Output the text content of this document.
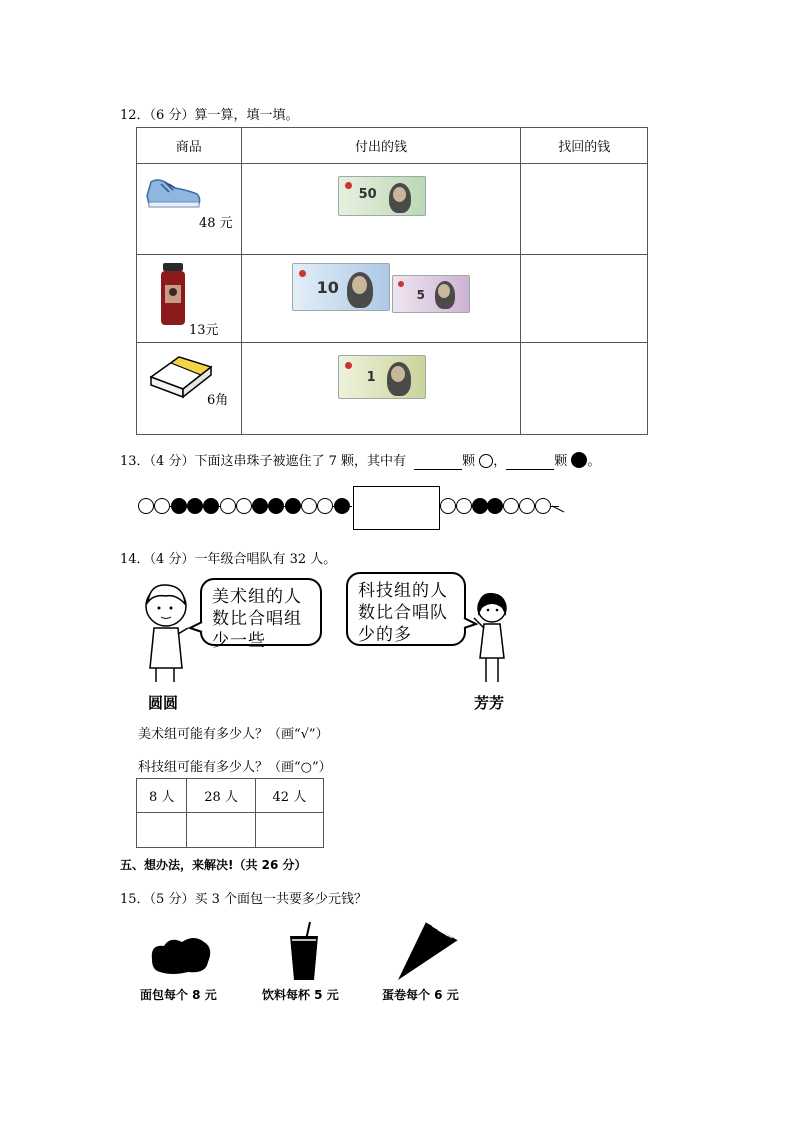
12．（6 分）算一算，填一填。
商品	付出的钱	找回的钱

48 元	50	

13元	10 5	

6角	1	

13．（4 分）下面这串珠子被遮住了 7 颗，其中有	颗 ，	颗 。
14．（4 分）一年级合唱队有 32 人。
美术组的人
数比合唱组
少一些
圆圆
科技组的人
数比合唱队
少的多
芳芳
美术组可能有多少人？（画“√”）
科技组可能有多少人？（画“○”）
8 人	28 人	42 人

五、想办法，来解决!（共 26 分）
15．（5 分）买 3 个面包一共要多少元钱？
面包每个 8 元	饮料每杯 5 元	蛋卷每个 6 元
